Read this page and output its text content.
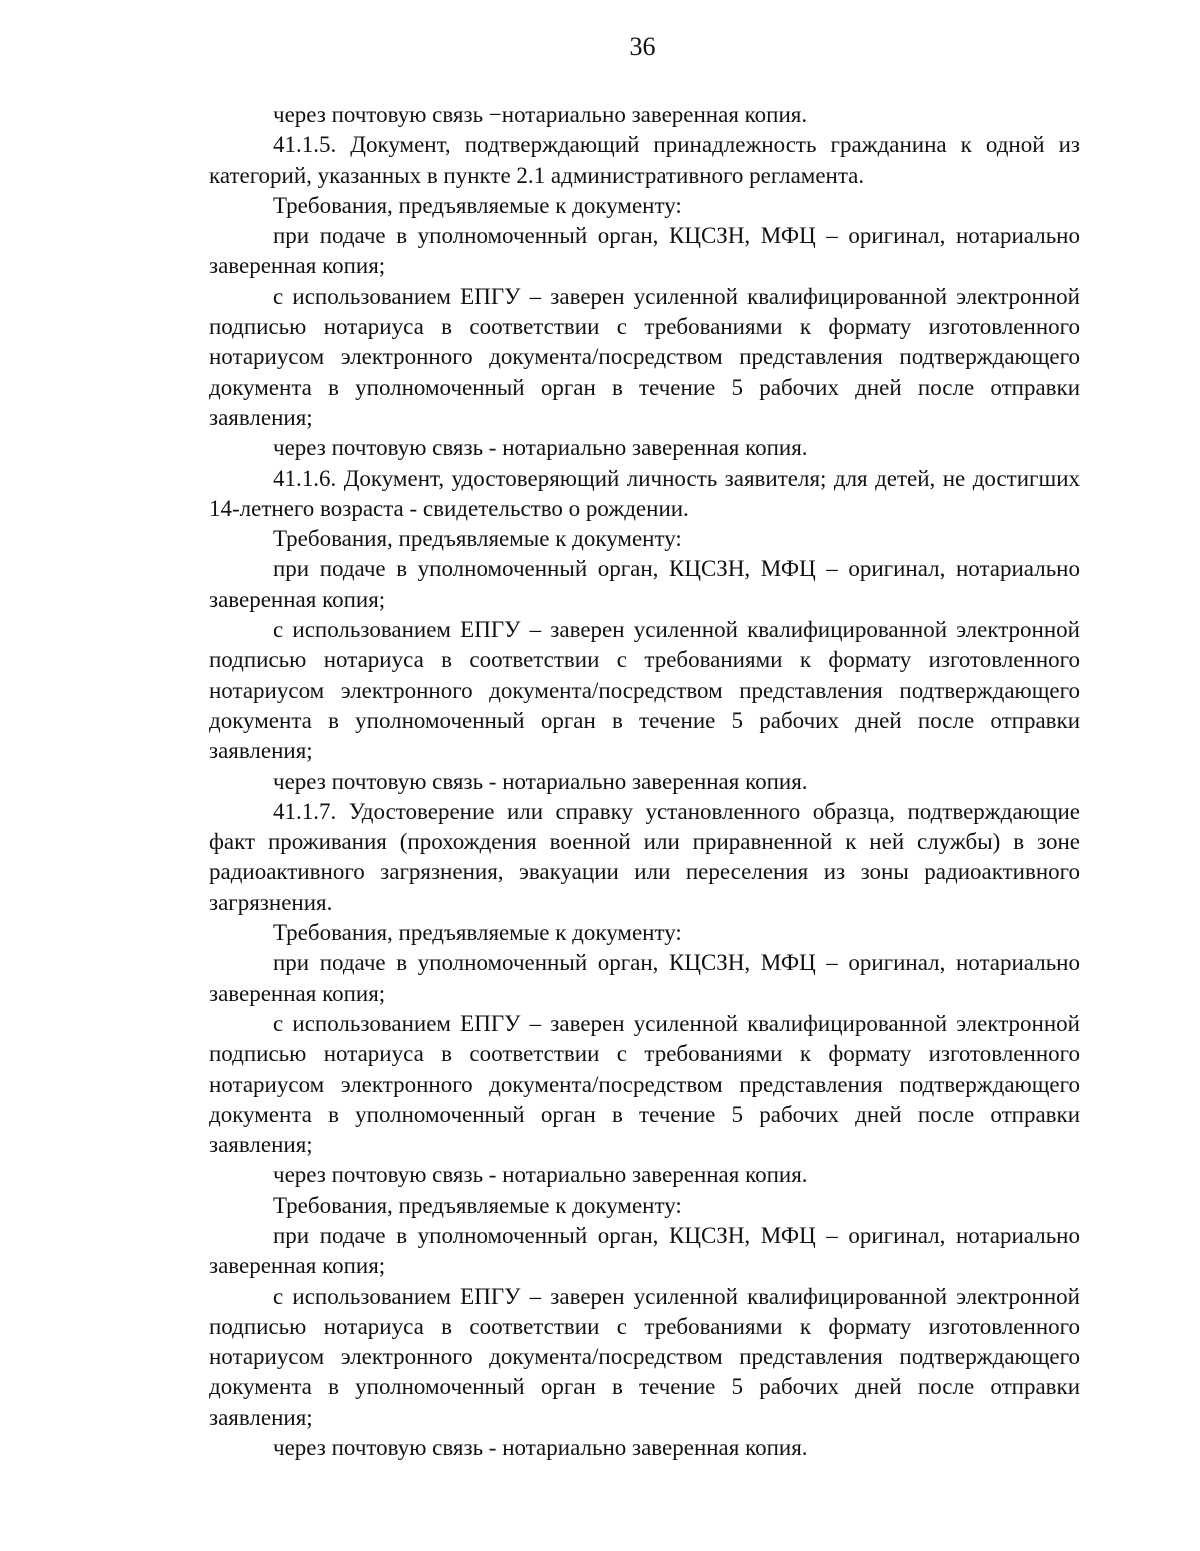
36

через почтовую связь −нотариально заверенная копия.

41.1.5. Документ, подтверждающий принадлежность гражданина к одной из категорий, указанных в пункте 2.1 административного регламента.

Требования, предъявляемые к документу:

при подаче в уполномоченный орган, КЦСЗН, МФЦ – оригинал, нотариально заверенная копия;

с использованием ЕПГУ – заверен усиленной квалифицированной электронной подписью нотариуса в соответствии с требованиями к формату изготовленного нотариусом электронного документа/посредством представления подтверждающего документа в уполномоченный орган в течение 5 рабочих дней после отправки заявления;

через почтовую связь - нотариально заверенная копия.

41.1.6. Документ, удостоверяющий личность заявителя; для детей, не достигших 14-летнего возраста - свидетельство о рождении.

Требования, предъявляемые к документу:

при подаче в уполномоченный орган, КЦСЗН, МФЦ – оригинал, нотариально заверенная копия;

с использованием ЕПГУ – заверен усиленной квалифицированной электронной подписью нотариуса в соответствии с требованиями к формату изготовленного нотариусом электронного документа/посредством представления подтверждающего документа в уполномоченный орган в течение 5 рабочих дней после отправки заявления;

через почтовую связь - нотариально заверенная копия.

41.1.7. Удостоверение или справку установленного образца, подтверждающие факт проживания (прохождения военной или приравненной к ней службы) в зоне радиоактивного загрязнения, эвакуации или переселения из зоны радиоактивного загрязнения.

Требования, предъявляемые к документу:

при подаче в уполномоченный орган, КЦСЗН, МФЦ – оригинал, нотариально заверенная копия;

с использованием ЕПГУ – заверен усиленной квалифицированной электронной подписью нотариуса в соответствии с требованиями к формату изготовленного нотариусом электронного документа/посредством представления подтверждающего документа в уполномоченный орган в течение 5 рабочих дней после отправки заявления;

через почтовую связь - нотариально заверенная копия.

Требования, предъявляемые к документу:

при подаче в уполномоченный орган, КЦСЗН, МФЦ – оригинал, нотариально заверенная копия;

с использованием ЕПГУ – заверен усиленной квалифицированной электронной подписью нотариуса в соответствии с требованиями к формату изготовленного нотариусом электронного документа/посредством представления подтверждающего документа в уполномоченный орган в течение 5 рабочих дней после отправки заявления;

через почтовую связь - нотариально заверенная копия.
